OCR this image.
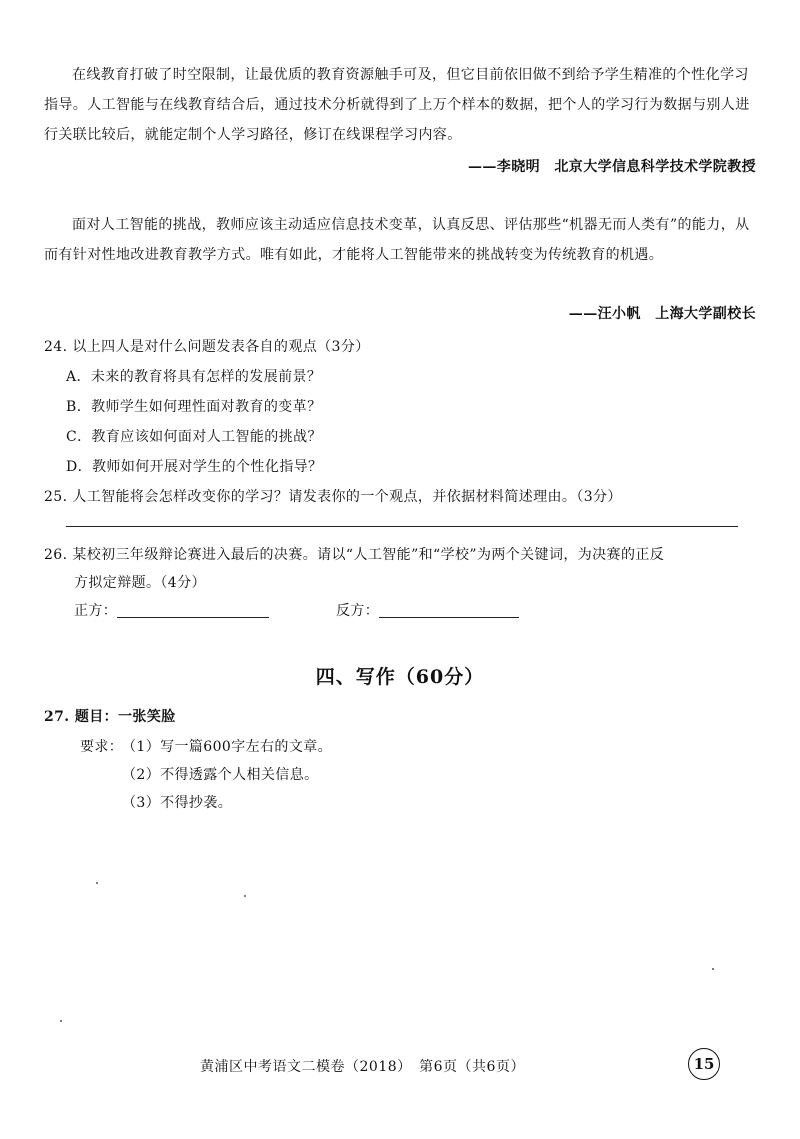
在线教育打破了时空限制，让最优质的教育资源触手可及，但它目前依旧做不到给予学生精准的个性化学习指导。人工智能与在线教育结合后，通过技术分析就得到了上万个样本的数据，把个人的学习行为数据与别人进行关联比较后，就能定制个人学习路径，修订在线课程学习内容。

——李晓明　北京大学信息科学技术学院教授

面对人工智能的挑战，教师应该主动适应信息技术变革，认真反思、评估那些“机器无而人类有”的能力，从而有针对性地改进教育教学方式。唯有如此，才能将人工智能带来的挑战转变为传统教育的机遇。

——汪小帆　上海大学副校长
24. 以上四人是对什么问题发表各自的观点（3分）
A．未来的教育将具有怎样的发展前景？
B．教师学生如何理性面对教育的变革？
C．教育应该如何面对人工智能的挑战？
D．教师如何开展对学生的个性化指导？
25. 人工智能将会怎样改变你的学习？请发表你的一个观点，并依据材料简述理由。（3分）
26. 某校初三年级辩论赛进入最后的决赛。请以“人工智能”和“学校”为两个关键词，为决赛的正反
方拟定辩题。（4分）
正方：	反方：
四、写作（60分）
27. 题目：一张笑脸
要求：
（1）写一篇600字左右的文章。
（2）不得透露个人相关信息。
（3）不得抄袭。
黄浦区中考语文二模卷（2018）　第6页（共6页）	15
